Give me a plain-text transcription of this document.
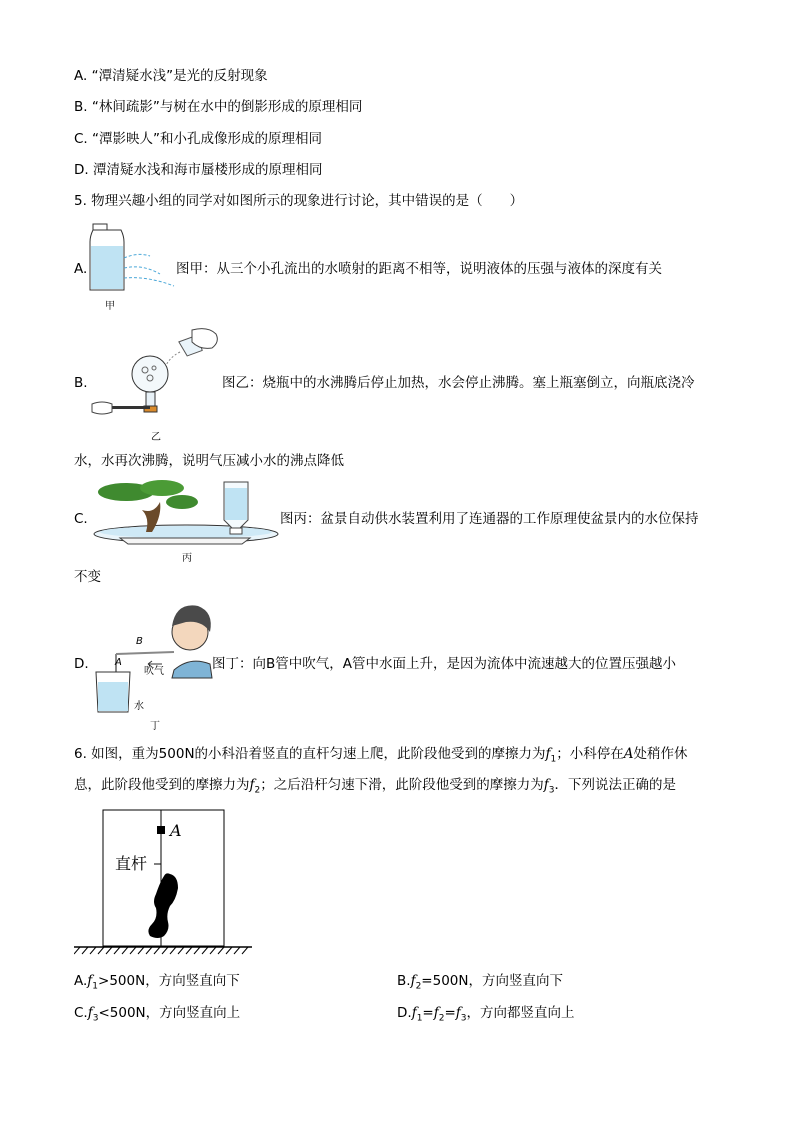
A. “潭清疑水浅”是光的反射现象
B. “林间疏影”与树在水中的倒影形成的原理相同
C. “潭影映人”和小孔成像形成的原理相同
D. 潭清疑水浅和海市蜃楼形成的原理相同
5. 物理兴趣小组的同学对如图所示的现象进行讨论，其中错误的是（　　）
A.
甲
图甲：从三个小孔流出的水喷射的距离不相等，说明液体的压强与液体的深度有关
B.
乙
图乙：烧瓶中的水沸腾后停止加热，水会停止沸腾。塞上瓶塞倒立，向瓶底浇冷
水，水再次沸腾，说明气压减小水的沸点降低
C.
丙
图丙：盆景自动供水装置利用了连通器的工作原理使盆景内的水位保持
不变
D.
B
A
吹气
水
丁
图丁：向B管中吹气，A管中水面上升，是因为流体中流速越大的位置压强越小
6. 如图，重为500N的小科沿着竖直的直杆匀速上爬，此阶段他受到的摩擦力为$f_1$；小科停在A处稍作休
息，此阶段他受到的摩擦力为$f_2$；之后沿杆匀速下滑，此阶段他受到的摩擦力为$f_3$．下列说法正确的是
A
直杆
$A.f_1>500N$，方向竖直向下	$B.f_2=500N$，方向竖直向下
$C.f_3<500N$，方向竖直向上	$D.f_1=f_2=f_3$，方向都竖直向上
